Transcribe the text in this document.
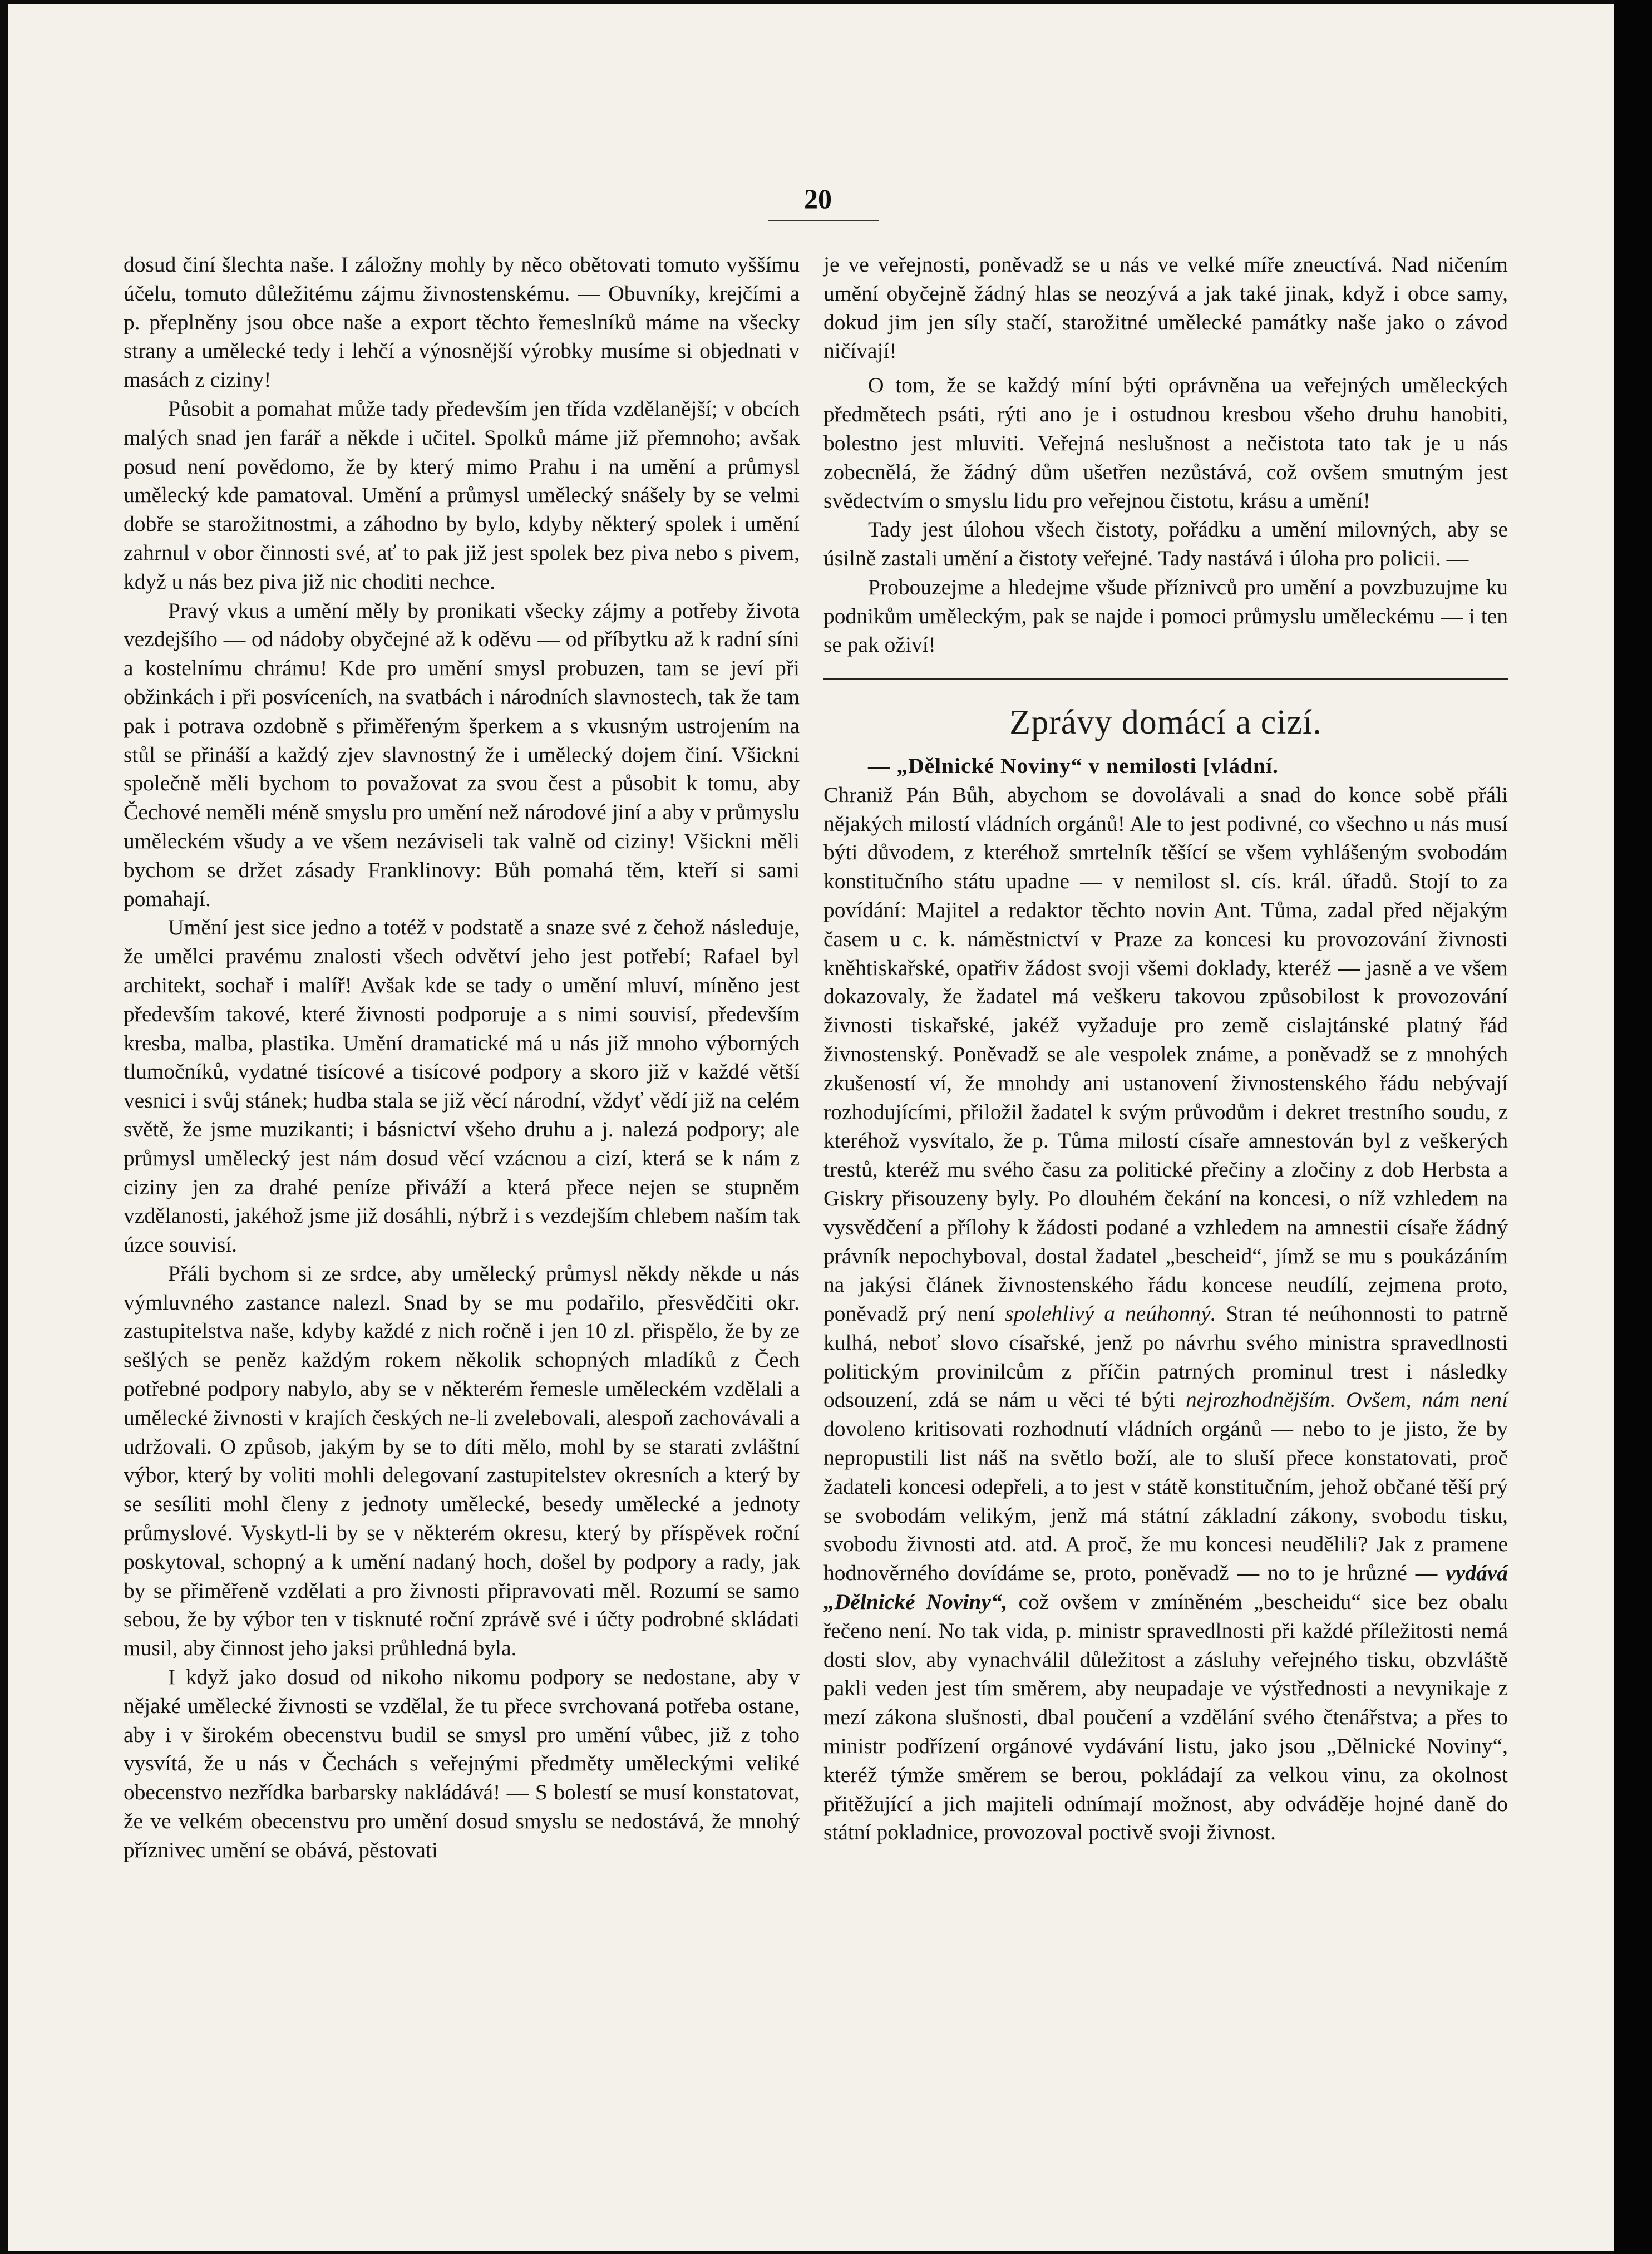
20

dosud činí šlechta naše. I záložny mohly by něco obětovati tomuto vyššímu účelu, tomuto důležitému zájmu živnostenskému. — Obuvníky, krejčími a p. přeplněny jsou obce naše a export těchto řemeslníků máme na všecky strany a umělecké tedy i lehčí a výnosnější výrobky musíme si objednati v masách z ciziny!

Působit a pomahat může tady především jen třída vzdělanější; v obcích malých snad jen farář a někde i učitel. Spolků máme již přemnoho; avšak posud není povědomo, že by který mimo Prahu i na umění a průmysl umělecký kde pamatoval. Umění a průmysl umělecký snášely by se velmi dobře se starožitnostmi, a záhodno by bylo, kdyby některý spolek i umění zahrnul v obor činnosti své, ať to pak již jest spolek bez piva nebo s pivem, když u nás bez piva již nic choditi nechce.

Pravý vkus a umění měly by pronikati všecky zájmy a potřeby života vezdejšího — od nádoby obyčejné až k oděvu — od příbytku až k radní síni a kostelnímu chrámu! Kde pro umění smysl probuzen, tam se jeví při obžinkách i při posvíceních, na svatbách i národních slavnostech, tak že tam pak i potrava ozdobně s přiměřeným šperkem a s vkusným ustrojením na stůl se přináší a každý zjev slavnostný že i umělecký dojem činí. Všickni společně měli bychom to považovat za svou čest a působit k tomu, aby Čechové neměli méně smyslu pro umění než národové jiní a aby v průmyslu uměleckém všudy a ve všem nezáviseli tak valně od ciziny! Všickni měli bychom se držet zásady Franklinovy: Bůh pomahá těm, kteří si sami pomahají.

Umění jest sice jedno a totéž v podstatě a snaze své z čehož následuje, že umělci pravému znalosti všech odvětví jeho jest potřebí; Rafael byl architekt, sochař i malíř! Avšak kde se tady o umění mluví, míněno jest především takové, které živnosti podporuje a s nimi souvisí, především kresba, malba, plastika. Umění dramatické má u nás již mnoho výborných tlumočníků, vydatné tisícové a tisícové podpory a skoro již v každé větší vesnici i svůj stánek; hudba stala se již věcí národní, vždyť vědí již na celém světě, že jsme muzikanti; i básnictví všeho druhu a j. nalezá podpory; ale průmysl umělecký jest nám dosud věcí vzácnou a cizí, která se k nám z ciziny jen za drahé peníze přiváží a která přece nejen se stupněm vzdělanosti, jakéhož jsme již dosáhli, nýbrž i s vezdejším chlebem naším tak úzce souvisí.

Přáli bychom si ze srdce, aby umělecký průmysl někdy někde u nás výmluvného zastance nalezl. Snad by se mu podařilo, přesvědčiti okr. zastupitelstva naše, kdyby každé z nich ročně i jen 10 zl. přispělo, že by ze sešlých se peněz každým rokem několik schopných mladíků z Čech potřebné podpory nabylo, aby se v některém řemesle uměleckém vzdělali a umělecké živnosti v krajích českých ne-li zvelebovali, alespoň zachovávali a udržovali. O způsob, jakým by se to díti mělo, mohl by se starati zvláštní výbor, který by voliti mohli delegovaní zastupitelstev okresních a který by se sesíliti mohl členy z jednoty umělecké, besedy umělecké a jednoty průmyslové. Vyskytl-li by se v některém okresu, který by příspěvek roční poskytoval, schopný a k umění nadaný hoch, došel by podpory a rady, jak by se přiměřeně vzdělati a pro živnosti připravovati měl. Rozumí se samo sebou, že by výbor ten v tisknuté roční zprávě své i účty podrobné skládati musil, aby činnost jeho jaksi průhledná byla.

I když jako dosud od nikoho nikomu podpory se nedostane, aby v nějaké umělecké živnosti se vzdělal, že tu přece svrchovaná potřeba ostane, aby i v širokém obecenstvu budil se smysl pro umění vůbec, již z toho vysvítá, že u nás v Čechách s veřejnými předměty uměleckými veliké obecenstvo nezřídka barbarsky nakládává! — S bolestí se musí konstatovat, že ve velkém obecenstvu pro umění dosud smyslu se nedostává, že mnohý příznivec umění se obává, pěstovati

je ve veřejnosti, poněvadž se u nás ve velké míře zneuctívá. Nad ničením umění obyčejně žádný hlas se neozývá a jak také jinak, když i obce samy, dokud jim jen síly stačí, starožitné umělecké památky naše jako o závod ničívají!

O tom, že se každý míní býti oprávněna ua veřejných uměleckých předmětech psáti, rýti ano je i ostudnou kresbou všeho druhu hanobiti, bolestno jest mluviti. Veřejná neslušnost a nečistota tato tak je u nás zobecnělá, že žádný dům ušetřen nezůstává, což ovšem smutným jest svědectvím o smyslu lidu pro veřejnou čistotu, krásu a umění!

Tady jest úlohou všech čistoty, pořádku a umění milovných, aby se úsilně zastali umění a čistoty veřejné. Tady nastává i úloha pro policii. —

Probouzejme a hledejme všude příznivců pro umění a povzbuzujme ku podnikům uměleckým, pak se najde i pomoci průmyslu uměleckému — i ten se pak oživí!

Zprávy domácí a cizí.

— „Dělnické Noviny“ v nemilosti [vládní.

Chraniž Pán Bůh, abychom se dovolávali a snad do konce sobě přáli nějakých milostí vládních orgánů! Ale to jest podivné, co všechno u nás musí býti důvodem, z kteréhož smrtelník těšící se všem vyhlášeným svobodám konstitučního státu upadne — v nemilost sl. cís. král. úřadů. Stojí to za povídání: Majitel a redaktor těchto novin Ant. Tůma, zadal před nějakým časem u c. k. náměstnictví v Praze za koncesi ku provozování živnosti kněhtiskařské, opatřiv žádost svoji všemi doklady, kteréž — jasně a ve všem dokazovaly, že žadatel má veškeru takovou způsobilost k provozování živnosti tiskařské, jakéž vyžaduje pro země cislajtánské platný řád živnostenský. Poněvadž se ale vespolek známe, a poněvadž se z mnohých zkušeností ví, že mnohdy ani ustanovení živnostenského řádu nebývají rozhodujícími, přiložil žadatel k svým průvodům i dekret trestního soudu, z kteréhož vysvítalo, že p. Tůma milostí císaře amnestován byl z veškerých trestů, kteréž mu svého času za politické přečiny a zločiny z dob Herbsta a Giskry přisouzeny byly. Po dlouhém čekání na koncesi, o níž vzhledem na vysvědčení a přílohy k žádosti podané a vzhledem na amnestii císaře žádný právník nepochyboval, dostal žadatel „bescheid“, jímž se mu s poukázáním na jakýsi článek živnostenského řádu koncese neudílí, zejmena proto, poněvadž prý není spolehlivý a neúhonný. Stran té neúhonnosti to patrně kulhá, neboť slovo císařské, jenž po návrhu svého ministra spravedlnosti politickým provinilcům z příčin patrných prominul trest i následky odsouzení, zdá se nám u věci té býti nejrozhodnějším. Ovšem, nám není dovoleno kritisovati rozhodnutí vládních orgánů — nebo to je jisto, že by nepropustili list náš na světlo boží, ale to sluší přece konstatovati, proč žadateli koncesi odepřeli, a to jest v státě konstitučním, jehož občané těší prý se svobodám velikým, jenž má státní základní zákony, svobodu tisku, svobodu živnosti atd. atd. A proč, že mu koncesi neudělili? Jak z pramene hodnověrného dovídáme se, proto, poněvadž — no to je hrůzné — vydává „Dělnické Noviny“, což ovšem v zmíněném „bescheidu“ sice bez obalu řečeno není. No tak vida, p. ministr spravedlnosti při každé příležitosti nemá dosti slov, aby vynachválil důležitost a zásluhy veřejného tisku, obzvláště pakli veden jest tím směrem, aby neupadaje ve výstřednosti a nevynikaje z mezí zákona slušnosti, dbal poučení a vzdělání svého čtenářstva; a přes to ministr podřízení orgánové vydávání listu, jako jsou „Dělnické Noviny“, kteréž týmže směrem se berou, pokládají za velkou vinu, za okolnost přitěžující a jich majiteli odnímají možnost, aby odváděje hojné daně do státní pokladnice, provozoval poctivě svoji živnost.
